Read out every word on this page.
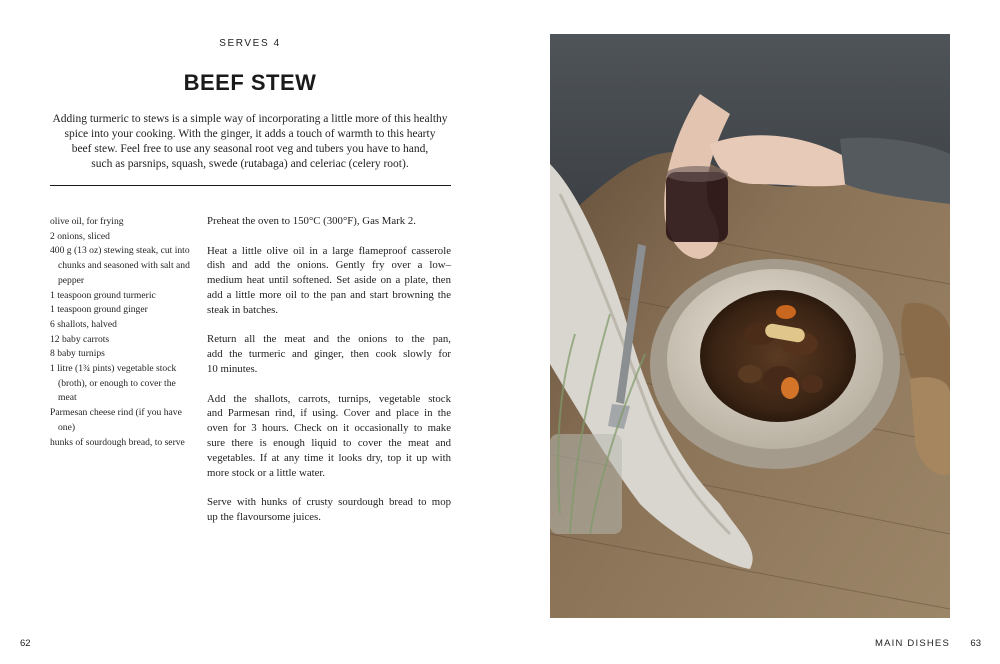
SERVES 4
BEEF STEW

Adding turmeric to stews is a simple way of incorporating a little more of this healthy
spice into your cooking. With the ginger, it adds a touch of warmth to this hearty
beef stew. Feel free to use any seasonal root veg and tubers you have to hand,
such as parsnips, squash, swede (rutabaga) and celeriac (celery root).

olive oil, for frying
2 onions, sliced
400 g (13 oz) stewing steak, cut into chunks and seasoned with salt and pepper
1 teaspoon ground turmeric
1 teaspoon ground ginger
6 shallots, halved
12 baby carrots
8 baby turnips
1 litre (1¾ pints) vegetable stock (broth), or enough to cover the meat
Parmesan cheese rind (if you have one)
hunks of sourdough bread, to serve

Preheat the oven to 150°C (300°F), Gas Mark 2.

Heat a little olive oil in a large flameproof casserole
dish and add the onions. Gently fry over a low–
medium heat until softened. Set aside on a plate, then
add a little more oil to the pan and start browning the
steak in batches.

Return all the meat and the onions to the pan,
add the turmeric and ginger, then cook slowly for
10 minutes.

Add the shallots, carrots, turnips, vegetable stock
and Parmesan rind, if using. Cover and place in the
oven for 3 hours. Check on it occasionally to make
sure there is enough liquid to cover the meat and
vegetables. If at any time it looks dry, top it up with
more stock or a little water.

Serve with hunks of crusty sourdough bread to mop
up the flavoursome juices.

62	MAIN DISHES 63
